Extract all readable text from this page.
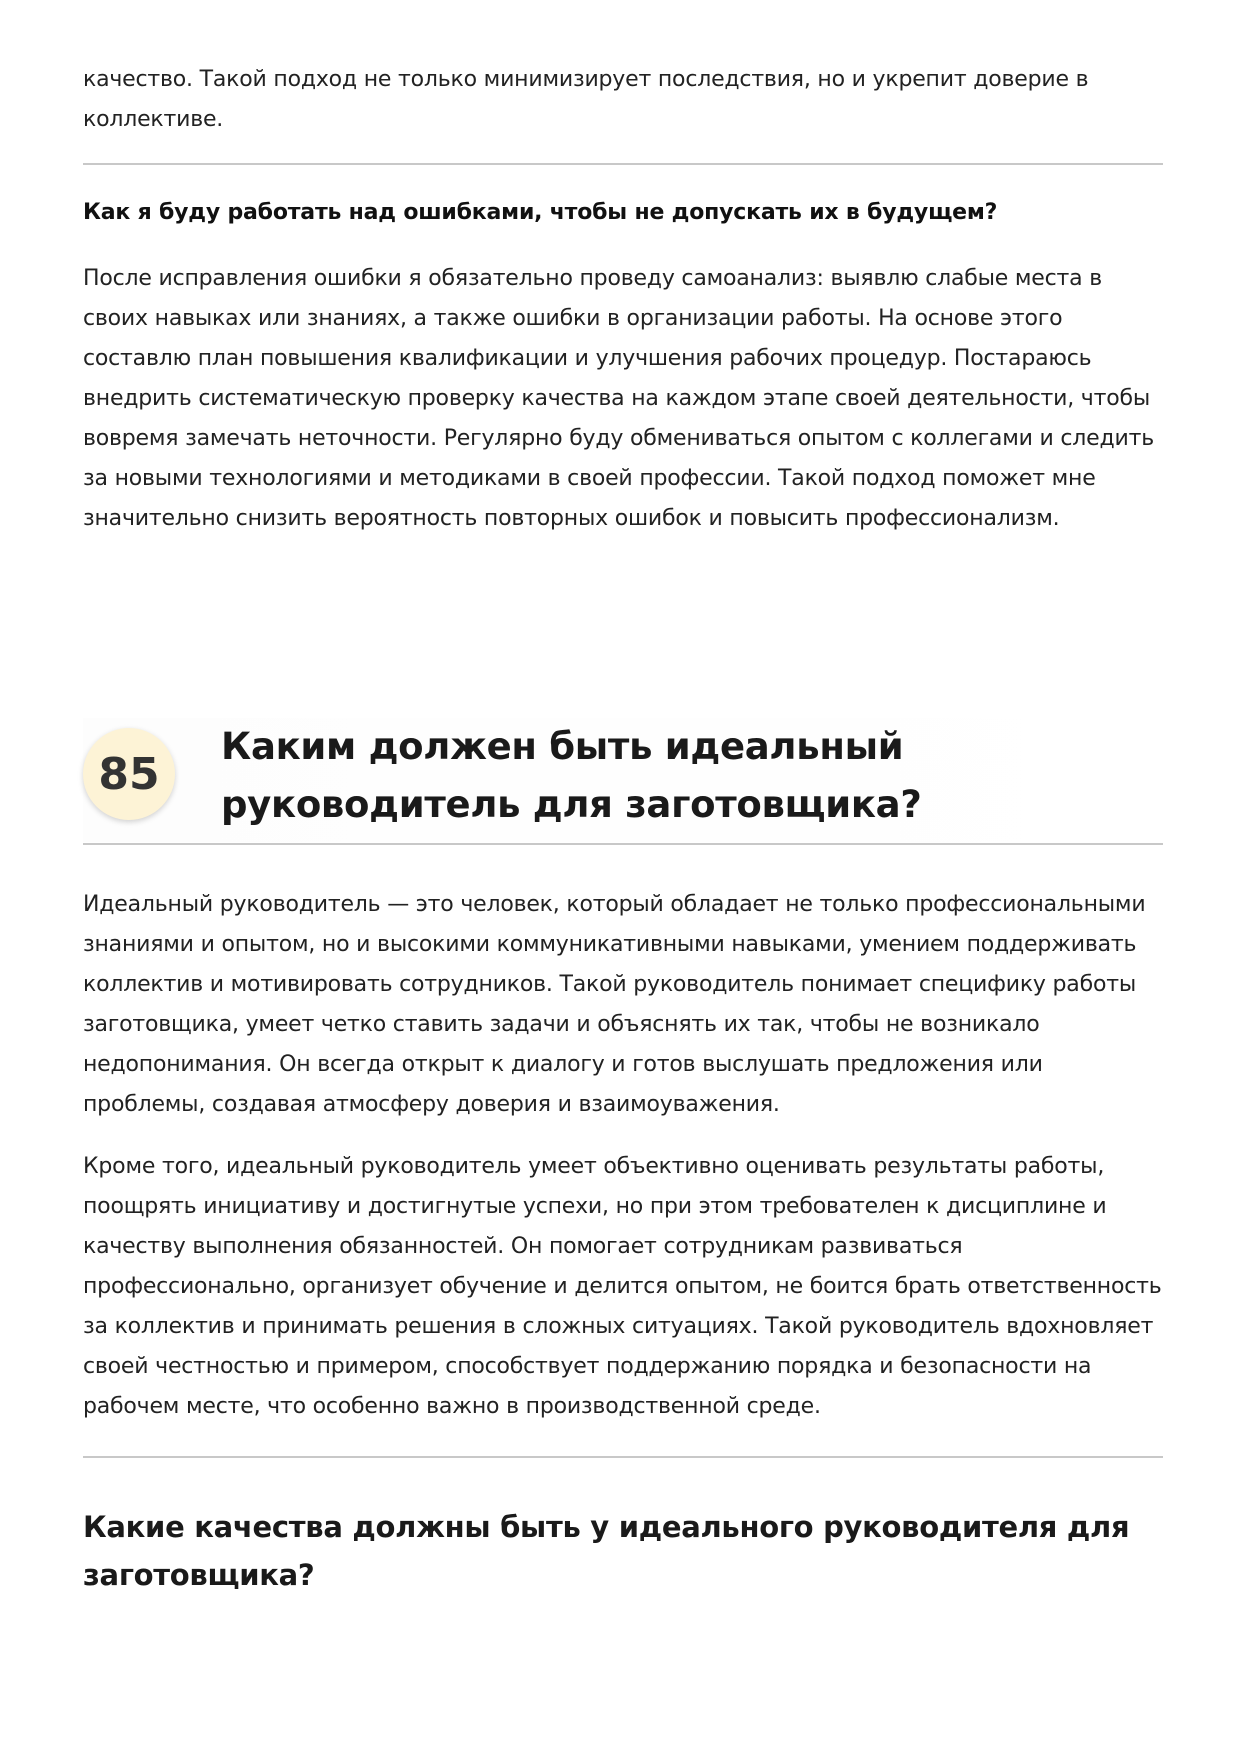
качество. Такой подход не только минимизирует последствия, но и укрепит доверие в коллективе.

Как я буду работать над ошибками, чтобы не допускать их в будущем?

После исправления ошибки я обязательно проведу самоанализ: выявлю слабые места в своих навыках или знаниях, а также ошибки в организации работы. На основе этого составлю план повышения квалификации и улучшения рабочих процедур. Постараюсь внедрить систематическую проверку качества на каждом этапе своей деятельности, чтобы вовремя замечать неточности. Регулярно буду обмениваться опытом с коллегами и следить за новыми технологиями и методиками в своей профессии. Такой подход поможет мне значительно снизить вероятность повторных ошибок и повысить профессионализм.

85
Каким должен быть идеальный руководитель для заготовщика?

Идеальный руководитель — это человек, который обладает не только профессиональными знаниями и опытом, но и высокими коммуникативными навыками, умением поддерживать коллектив и мотивировать сотрудников. Такой руководитель понимает специфику работы заготовщика, умеет четко ставить задачи и объяснять их так, чтобы не возникало недопонимания. Он всегда открыт к диалогу и готов выслушать предложения или проблемы, создавая атмосферу доверия и взаимоуважения.

Кроме того, идеальный руководитель умеет объективно оценивать результаты работы, поощрять инициативу и достигнутые успехи, но при этом требователен к дисциплине и качеству выполнения обязанностей. Он помогает сотрудникам развиваться профессионально, организует обучение и делится опытом, не боится брать ответственность за коллектив и принимать решения в сложных ситуациях. Такой руководитель вдохновляет своей честностью и примером, способствует поддержанию порядка и безопасности на рабочем месте, что особенно важно в производственной среде.

Какие качества должны быть у идеального руководителя для заготовщика?
